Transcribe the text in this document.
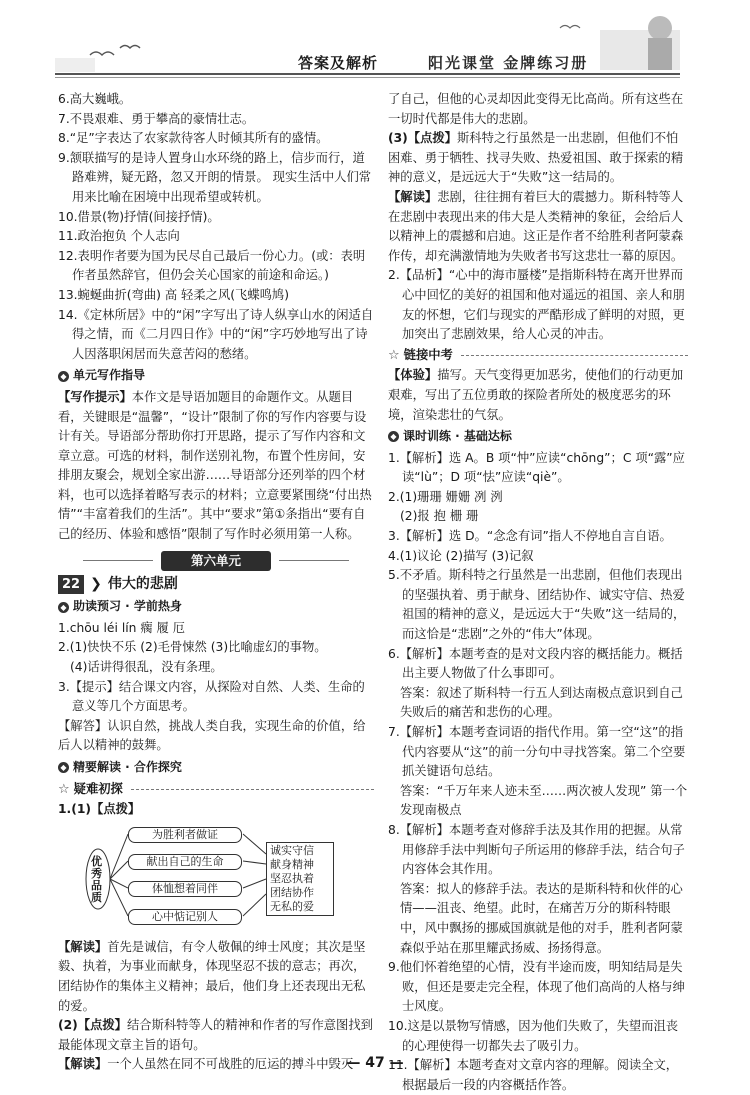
答案及解析	阳光课堂 金牌练习册

6.高大巍峨。

7.不畏艰难、勇于攀高的豪情壮志。

8.“足”字表达了农家款待客人时倾其所有的盛情。

9.颔联描写的是诗人置身山水环绕的路上，信步而行，道路难辨，疑无路，忽又开朗的情景。 现实生活中人们常用来比喻在困境中出现希望或转机。

10.借景(物)抒情(间接抒情)。

11.政治抱负 个人志向

12.表明作者要为国为民尽自己最后一份心力。(或：表明作者虽然辞官，但仍会关心国家的前途和命运。)

13.蜿蜒曲折(弯曲) 高 轻柔之风(飞蝶鸣鸠)

14.《定林所居》中的“闲”字写出了诗人纵享山水的闲适自得之情，而《二月四日作》中的“闲”字巧妙地写出了诗人因落职闲居而失意苦闷的愁绪。

◆ 单元写作指导

【写作提示】本作文是导语加题目的命题作文。从题目看，关键眼是“温馨”，“设计”限制了你的写作内容要与设计有关。导语部分帮助你打开思路，提示了写作内容和文章立意。可选的材料，制作送别礼物，布置个性房间，安排朋友聚会，规划全家出游……导语部分还列举的四个材料，也可以选择着略写表示的材料；立意要紧围绕“付出热情”“丰富着我们的生活”。其中“要求”第①条指出“要有自己的经历、体验和感悟”限制了写作时必须用第一人称。

第六单元
22 ❯ 伟大的悲剧
◆ 助读预习 · 学前热身

1.chōu léi lín 瘸 履 厄

2.(1)快快不乐 (2)毛骨悚然 (3)比喻虚幻的事物。

(4)话讲得很乱，没有条理。

3.【提示】结合课文内容，从探险对自然、人类、生命的意义等几个方面思考。

【解答】认识自然，挑战人类自我，实现生命的价值，给后人以精神的鼓舞。

◆ 精要解读 · 合作探究
☆ 疑难初探

1.(1)【点拨】

优秀品质
为胜利者做证
献出自己的生命
体恤想着同伴
心中惦记别人
诚实守信
献身精神
坚忍执着
团结协作
无私的爱

【解读】首先是诚信，有令人敬佩的绅士风度；其次是坚毅、执着，为事业而献身，体现坚忍不拔的意志；再次，团结协作的集体主义精神；最后，他们身上还表现出无私的爱。

(2)【点拨】结合斯科特等人的精神和作者的写作意图找到最能体现文章主旨的语句。

【解读】一个人虽然在同不可战胜的厄运的搏斗中毁灭

了自己，但他的心灵却因此变得无比高尚。所有这些在一切时代都是伟大的悲剧。

(3)【点拨】斯科特之行虽然是一出悲剧，但他们不怕困难、勇于牺牲、找寻失败、热爱祖国、敢于探索的精神的意义，是远远大于“失败”这一结局的。

【解读】悲剧，往往拥有着巨大的震撼力。斯科特等人在悲剧中表现出来的伟大是人类精神的象征，会给后人以精神上的震撼和启迪。这正是作者不给胜利者阿蒙森作传，却充满激情地为失败者书写这悲壮一幕的原因。

2.【品析】“心中的海市蜃楼”是指斯科特在离开世界而心中回忆的美好的祖国和他对遥远的祖国、亲人和朋友的怀想，它们与现实的严酷形成了鲜明的对照，更加突出了悲剧效果，给人心灵的冲击。

☆ 链接中考

【体验】描写。天气变得更加恶劣，使他们的行动更加艰难，写出了五位勇敢的探险者所处的极度恶劣的环境，渲染悲壮的气氛。

◆ 课时训练 · 基础达标

1.【解析】选 A。B 项“忡”应读“chōng”；C 项“露”应读“lù”；D 项“怯”应读“qiè”。

2.(1)珊珊 姗姗 冽 洌

(2)报 抱 栅 珊

3.【解析】选 D。“念念有词”指人不停地自言自语。

4.(1)议论 (2)描写 (3)记叙

5.不矛盾。斯科特之行虽然是一出悲剧，但他们表现出的坚强执着、勇于献身、团结协作、诚实守信、热爱祖国的精神的意义，是远远大于“失败”这一结局的，而这恰是“悲剧”之外的“伟大”体现。

6.【解析】本题考查的是对文段内容的概括能力。概括出主要人物做了什么事即可。

答案：叙述了斯科特一行五人到达南极点意识到自己失败后的痛苦和悲伤的心理。

7.【解析】本题考查词语的指代作用。第一空“这”的指代内容要从“这”的前一分句中寻找答案。第二个空要抓关键语句总结。

答案：“千万年来人迹未至……两次被人发现” 第一个发现南极点

8.【解析】本题考查对修辞手法及其作用的把握。从常用修辞手法中判断句子所运用的修辞手法，结合句子内容体会其作用。

答案：拟人的修辞手法。表达的是斯科特和伙伴的心情——沮丧、绝望。此时，在痛苦万分的斯科特眼中，风中飘扬的挪威国旗就是他的对手，胜利者阿蒙森似乎站在那里耀武扬威、扬扬得意。

9.他们怀着绝望的心情，没有半途而废，明知结局是失败，但还是要走完全程，体现了他们高尚的人格与绅士风度。

10.这是以景物写情感，因为他们失败了，失望而沮丧的心理使得一切都失去了吸引力。

11.【解析】本题考查对文章内容的理解。阅读全文，根据最后一段的内容概括作答。

— 47 —
